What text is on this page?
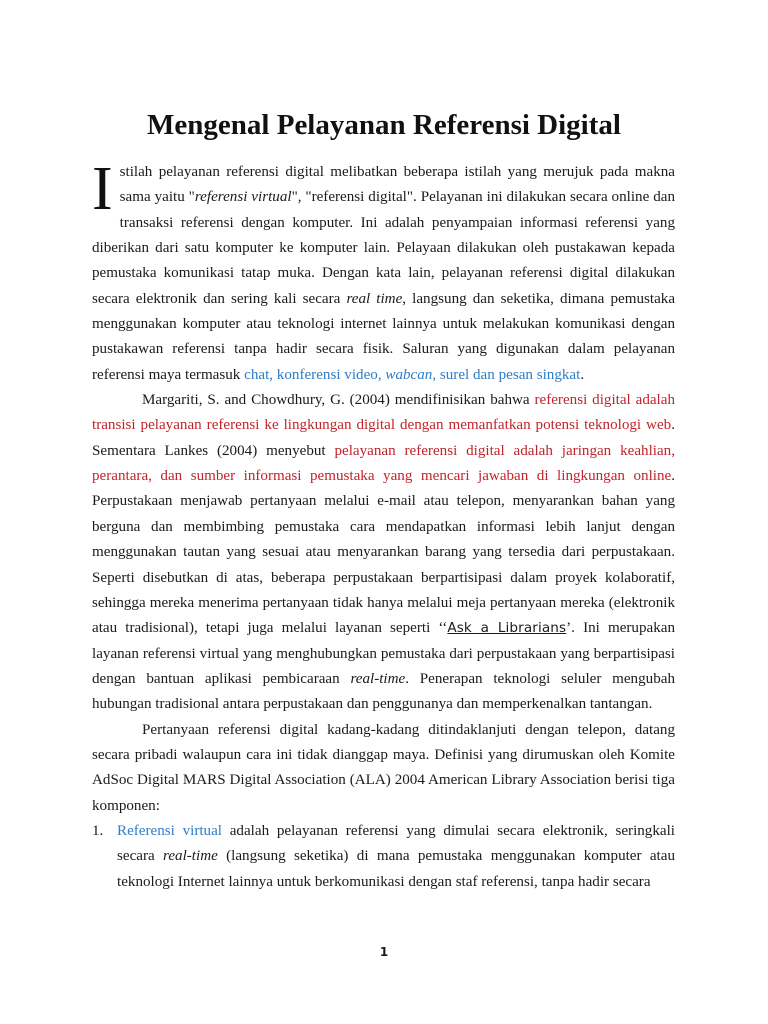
Mengenal Pelayanan Referensi Digital
I stilah pelayanan referensi digital melibatkan beberapa istilah yang merujuk pada makna sama yaitu "referensi virtual", "referensi digital". Pelayanan ini dilakukan secara online dan transaksi referensi dengan komputer. Ini adalah penyampaian informasi referensi yang diberikan dari satu komputer ke komputer lain. Pelayaan dilakukan oleh pustakawan kepada pemustaka komunikasi tatap muka. Dengan kata lain, pelayanan referensi digital dilakukan secara elektronik dan sering kali secara real time, langsung dan seketika, dimana pemustaka menggunakan komputer atau teknologi internet lainnya untuk melakukan komunikasi dengan pustakawan referensi tanpa hadir secara fisik. Saluran yang digunakan dalam pelayanan referensi maya termasuk chat, konferensi video, wabcan, surel dan pesan singkat.

Margariti, S. and Chowdhury, G. (2004) mendifinisikan bahwa referensi digital adalah transisi pelayanan referensi ke lingkungan digital dengan memanfatkan potensi teknologi web. Sementara Lankes (2004) menyebut pelayanan referensi digital adalah jaringan keahlian, perantara, dan sumber informasi pemustaka yang mencari jawaban di lingkungan online. Perpustakaan menjawab pertanyaan melalui e-mail atau telepon, menyarankan bahan yang berguna dan membimbing pemustaka cara mendapatkan informasi lebih lanjut dengan menggunakan tautan yang sesuai atau menyarankan barang yang tersedia dari perpustakaan. Seperti disebutkan di atas, beberapa perpustakaan berpartisipasi dalam proyek kolaboratif, sehingga mereka menerima pertanyaan tidak hanya melalui meja pertanyaan mereka (elektronik atau tradisional), tetapi juga melalui layanan seperti ‘‘Ask a Librarians’. Ini merupakan layanan referensi virtual yang menghubungkan pemustaka dari perpustakaan yang berpartisipasi dengan bantuan aplikasi pembicaraan real-time. Penerapan teknologi seluler mengubah hubungan tradisional antara perpustakaan dan penggunanya dan memperkenalkan tantangan.

Pertanyaan referensi digital kadang-kadang ditindaklanjuti dengan telepon, datang secara pribadi walaupun cara ini tidak dianggap maya. Definisi yang dirumuskan oleh Komite AdSoc Digital MARS Digital Association (ALA) 2004 American Library Association berisi tiga komponen:

1. Referensi virtual adalah pelayanan referensi yang dimulai secara elektronik, seringkali secara real-time (langsung seketika) di mana pemustaka menggunakan komputer atau teknologi Internet lainnya untuk berkomunikasi dengan staf referensi, tanpa hadir secara
1
